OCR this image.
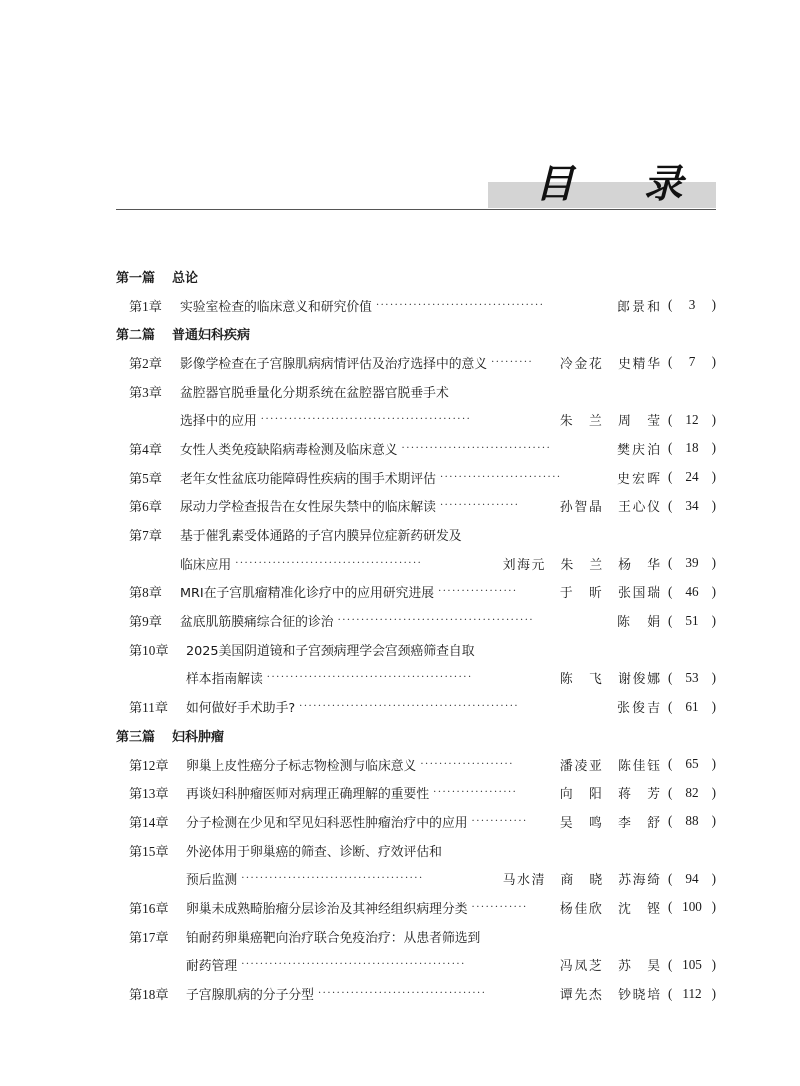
目 录
第一篇	总论
第1章 实验室检查的临床意义和研究价值	郎景和 ( 3 )
····································
第二篇	普通妇科疾病
第2章 影像学检查在子宫腺肌病病情评估及治疗选择中的意义	冷金花　史精华 ( 7 )
·········
第3章 盆腔器官脱垂量化分期系统在盆腔器官脱垂手术
选择中的应用	朱　兰　周　莹 ( 12 )
·············································
第4章 女性人类免疫缺陷病毒检测及临床意义	樊庆泊 ( 18 )
································
第5章 老年女性盆底功能障碍性疾病的围手术期评估	史宏晖 ( 24 )
··························
第6章 尿动力学检查报告在女性尿失禁中的临床解读	孙智晶　王心仪 ( 34 )
·················
第7章 基于催乳素受体通路的子宫内膜异位症新药研发及
临床应用	刘海元　朱　兰　杨　华 ( 39 )
········································
第8章 MRI在子宫肌瘤精准化诊疗中的应用研究进展	于　昕　张国瑞 ( 46 )
·················
第9章 盆底肌筋膜痛综合征的诊治	陈　娟 ( 51 )
··········································
第10章 2025美国阴道镜和子宫颈病理学会宫颈癌筛查自取
样本指南解读	陈　飞　谢俊娜 ( 53 )
············································
第11章 如何做好手术助手?	张俊吉 ( 61 )
···············································
第三篇	妇科肿瘤
第12章 卵巢上皮性癌分子标志物检测与临床意义	潘凌亚　陈佳钰 ( 65 )
····················
第13章 再谈妇科肿瘤医师对病理正确理解的重要性	向　阳　蒋　芳 ( 82 )
··················
第14章 分子检测在少见和罕见妇科恶性肿瘤治疗中的应用	吴　鸣　李　舒 ( 88 )
············
第15章 外泌体用于卵巢癌的筛查、诊断、疗效评估和
预后监测	马水清　商　晓　苏海绮 ( 94 )
·······································
第16章 卵巢未成熟畸胎瘤分层诊治及其神经组织病理分类	杨佳欣　沈　铿 ( 100 )
············
第17章 铂耐药卵巢癌靶向治疗联合免疫治疗：从患者筛选到
耐药管理	冯凤芝　苏　昊 ( 105 )
················································
第18章 子宫腺肌病的分子分型	谭先杰　钞晓培 ( 112 )
····································
